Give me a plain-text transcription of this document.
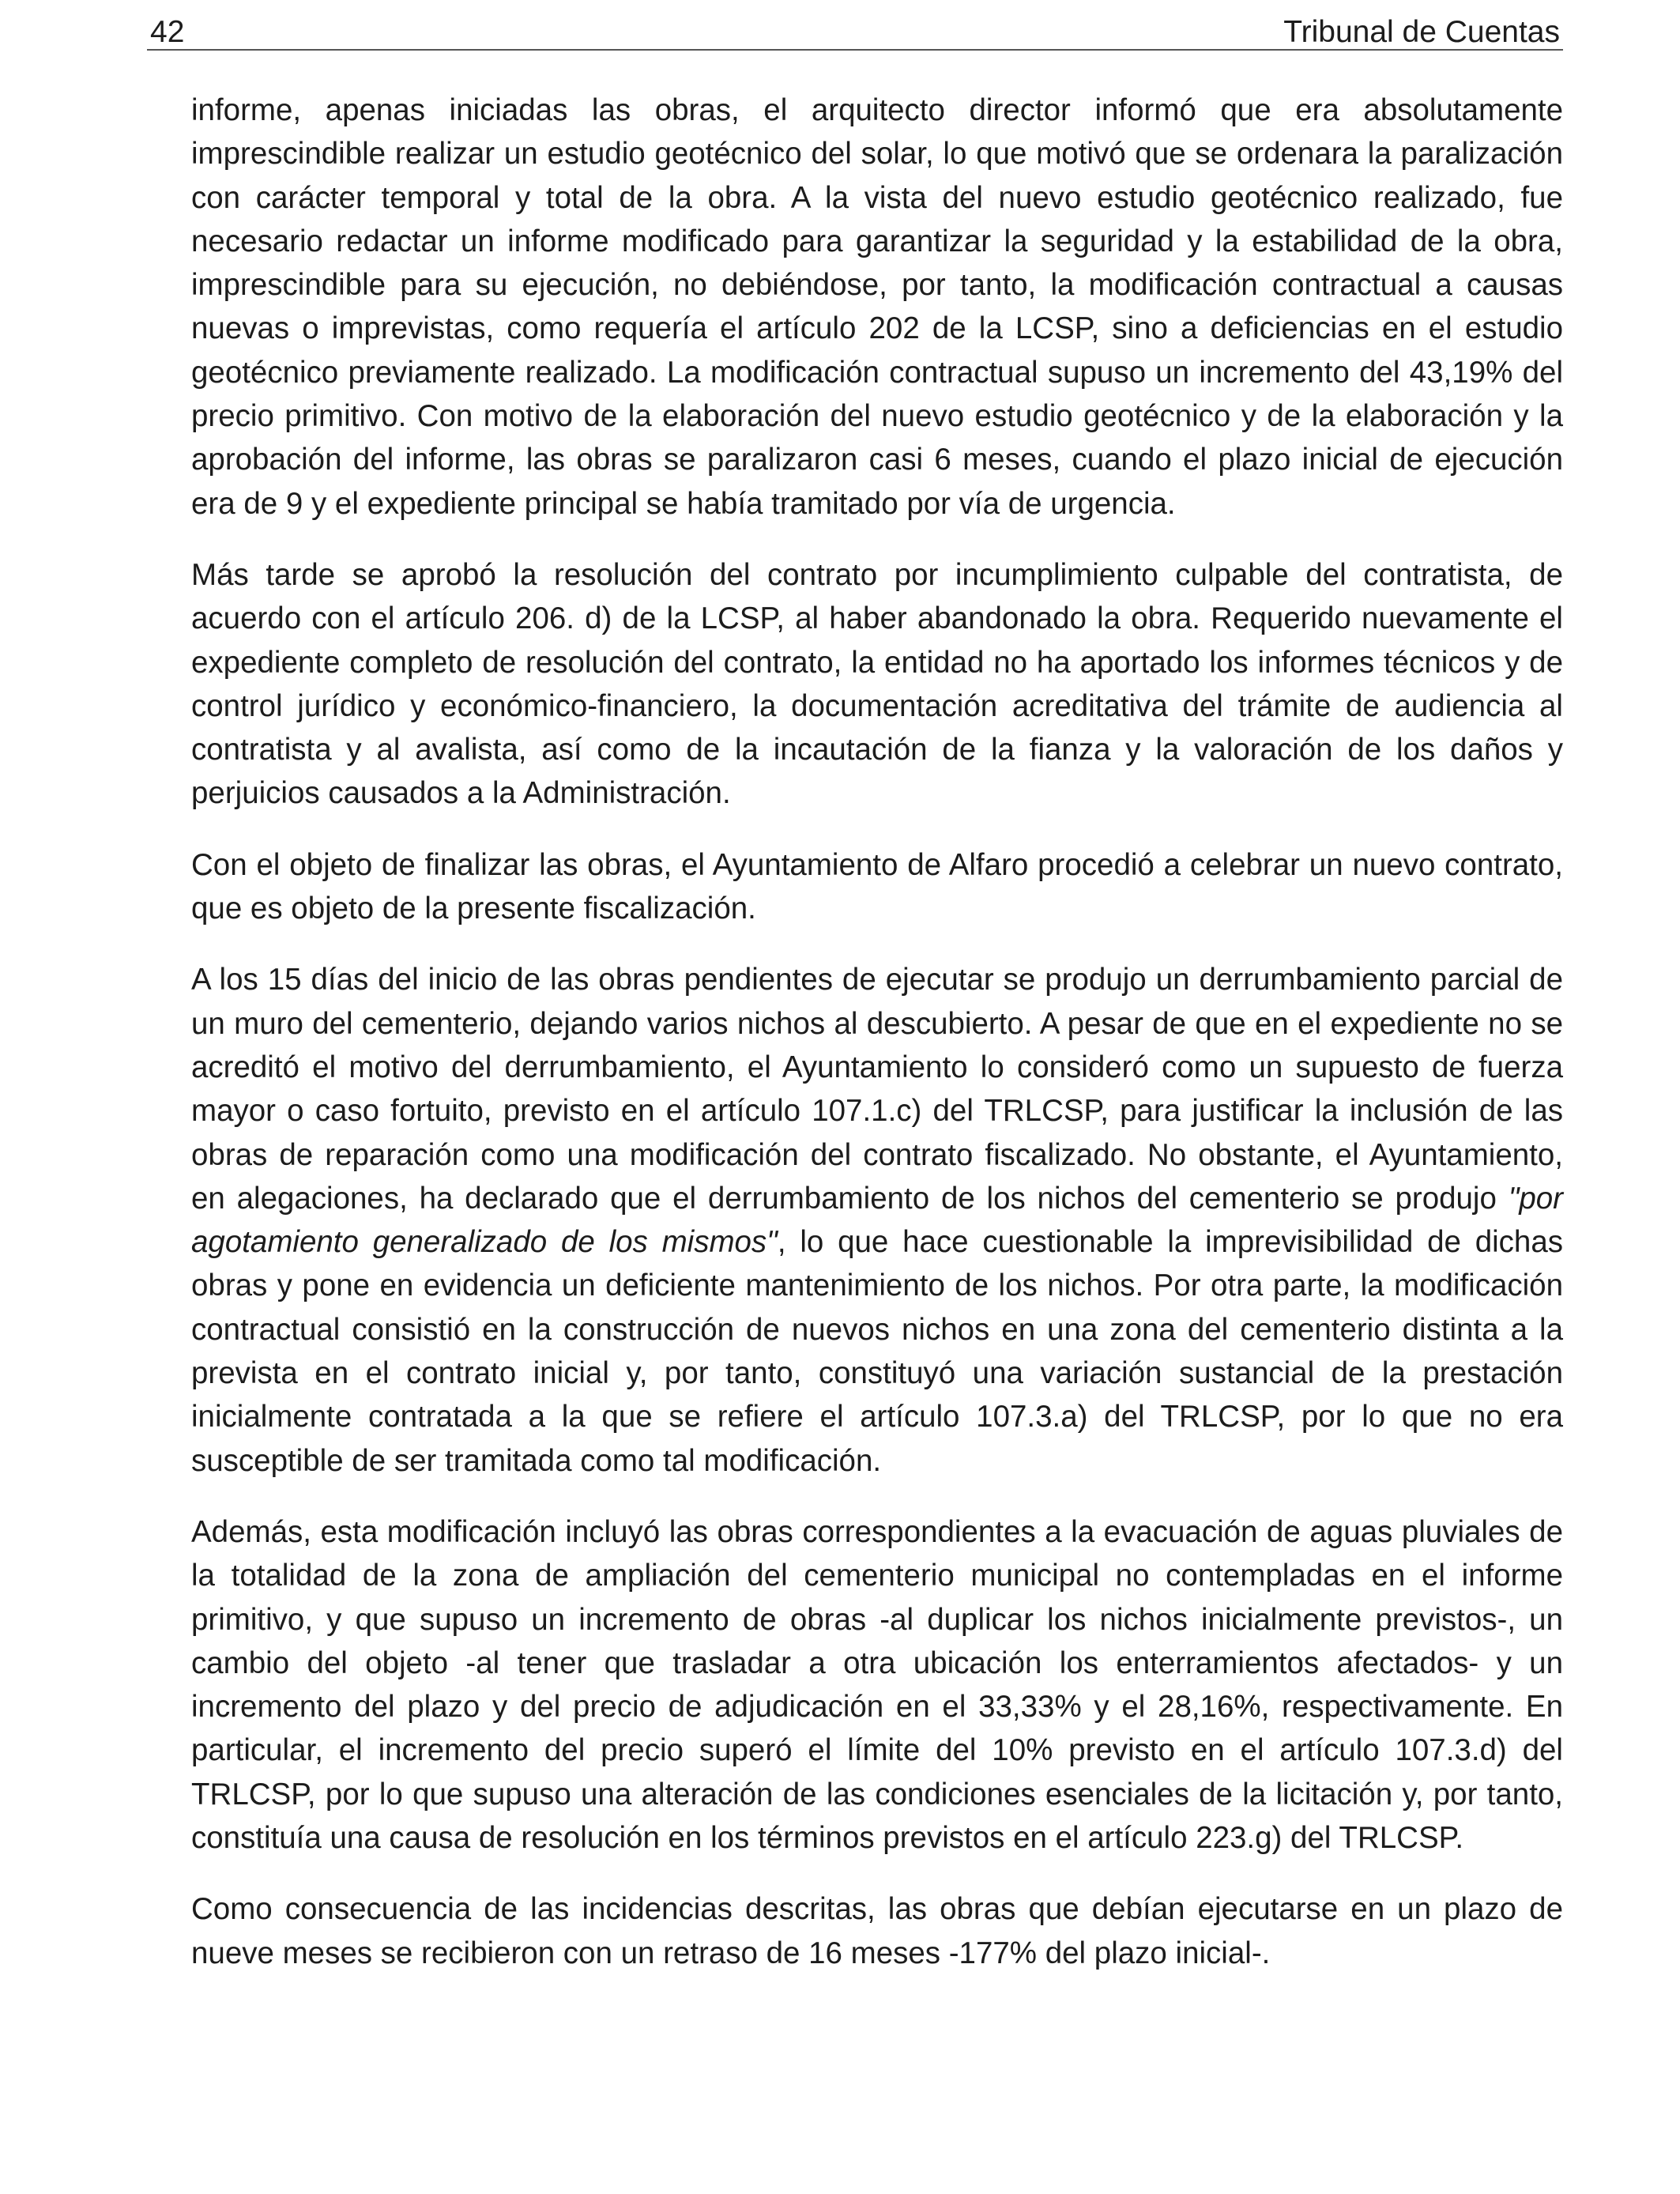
42	Tribunal de Cuentas

informe, apenas iniciadas las obras, el arquitecto director informó que era absolutamente imprescindible realizar un estudio geotécnico del solar, lo que motivó que se ordenara la paralización con carácter temporal y total de la obra. A la vista del nuevo estudio geotécnico realizado, fue necesario redactar un informe modificado para garantizar la seguridad y la estabilidad de la obra, imprescindible para su ejecución, no debiéndose, por tanto, la modificación contractual a causas nuevas o imprevistas, como requería el artículo 202 de la LCSP, sino a deficiencias en el estudio geotécnico previamente realizado. La modificación contractual supuso un incremento del 43,19% del precio primitivo. Con motivo de la elaboración del nuevo estudio geotécnico y de la elaboración y la aprobación del informe, las obras se paralizaron casi 6 meses, cuando el plazo inicial de ejecución era de 9 y el expediente principal se había tramitado por vía de urgencia.

Más tarde se aprobó la resolución del contrato por incumplimiento culpable del contratista, de acuerdo con el artículo 206. d) de la LCSP, al haber abandonado la obra. Requerido nuevamente el expediente completo de resolución del contrato, la entidad no ha aportado los informes técnicos y de control jurídico y económico-financiero, la documentación acreditativa del trámite de audiencia al contratista y al avalista, así como de la incautación de la fianza y la valoración de los daños y perjuicios causados a la Administración.

Con el objeto de finalizar las obras, el Ayuntamiento de Alfaro procedió a celebrar un nuevo contrato, que es objeto de la presente fiscalización.

A los 15 días del inicio de las obras pendientes de ejecutar se produjo un derrumbamiento parcial de un muro del cementerio, dejando varios nichos al descubierto. A pesar de que en el expediente no se acreditó el motivo del derrumbamiento, el Ayuntamiento lo consideró como un supuesto de fuerza mayor o caso fortuito, previsto en el artículo 107.1.c) del TRLCSP, para justificar la inclusión de las obras de reparación como una modificación del contrato fiscalizado. No obstante, el Ayuntamiento, en alegaciones, ha declarado que el derrumbamiento de los nichos del cementerio se produjo "por agotamiento generalizado de los mismos", lo que hace cuestionable la imprevisibilidad de dichas obras y pone en evidencia un deficiente mantenimiento de los nichos. Por otra parte, la modificación contractual consistió en la construcción de nuevos nichos en una zona del cementerio distinta a la prevista en el contrato inicial y, por tanto, constituyó una variación sustancial de la prestación inicialmente contratada a la que se refiere el artículo 107.3.a) del TRLCSP, por lo que no era susceptible de ser tramitada como tal modificación.

Además, esta modificación incluyó las obras correspondientes a la evacuación de aguas pluviales de la totalidad de la zona de ampliación del cementerio municipal no contempladas en el informe primitivo, y que supuso un incremento de obras -al duplicar los nichos inicialmente previstos-, un cambio del objeto -al tener que trasladar a otra ubicación los enterramientos afectados- y un incremento del plazo y del precio de adjudicación en el 33,33% y el 28,16%, respectivamente. En particular, el incremento del precio superó el límite del 10% previsto en el artículo 107.3.d) del TRLCSP, por lo que supuso una alteración de las condiciones esenciales de la licitación y, por tanto, constituía una causa de resolución en los términos previstos en el artículo 223.g) del TRLCSP.

Como consecuencia de las incidencias descritas, las obras que debían ejecutarse en un plazo de nueve meses se recibieron con un retraso de 16 meses -177% del plazo inicial-.
